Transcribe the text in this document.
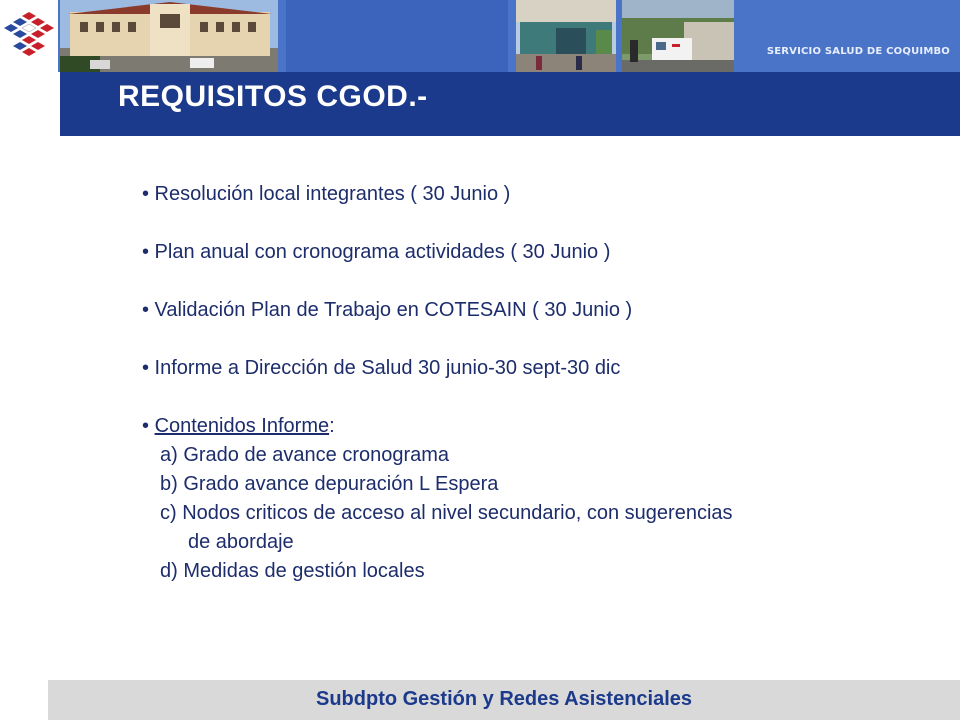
SERVICIO SALUD DE COQUIMBO
REQUISITOS CGOD.-

• Resolución local integrantes ( 30 Junio )

• Plan anual con cronograma actividades ( 30 Junio )

• Validación Plan de Trabajo en COTESAIN ( 30 Junio )

• Informe a Dirección de Salud 30 junio-30 sept-30 dic

• Contenidos Informe:

a) Grado de avance cronograma

b) Grado avance depuración L Espera

c) Nodos criticos de acceso al nivel secundario, con sugerencias

de abordaje

d) Medidas de gestión locales

Subdpto Gestión y Redes Asistenciales
